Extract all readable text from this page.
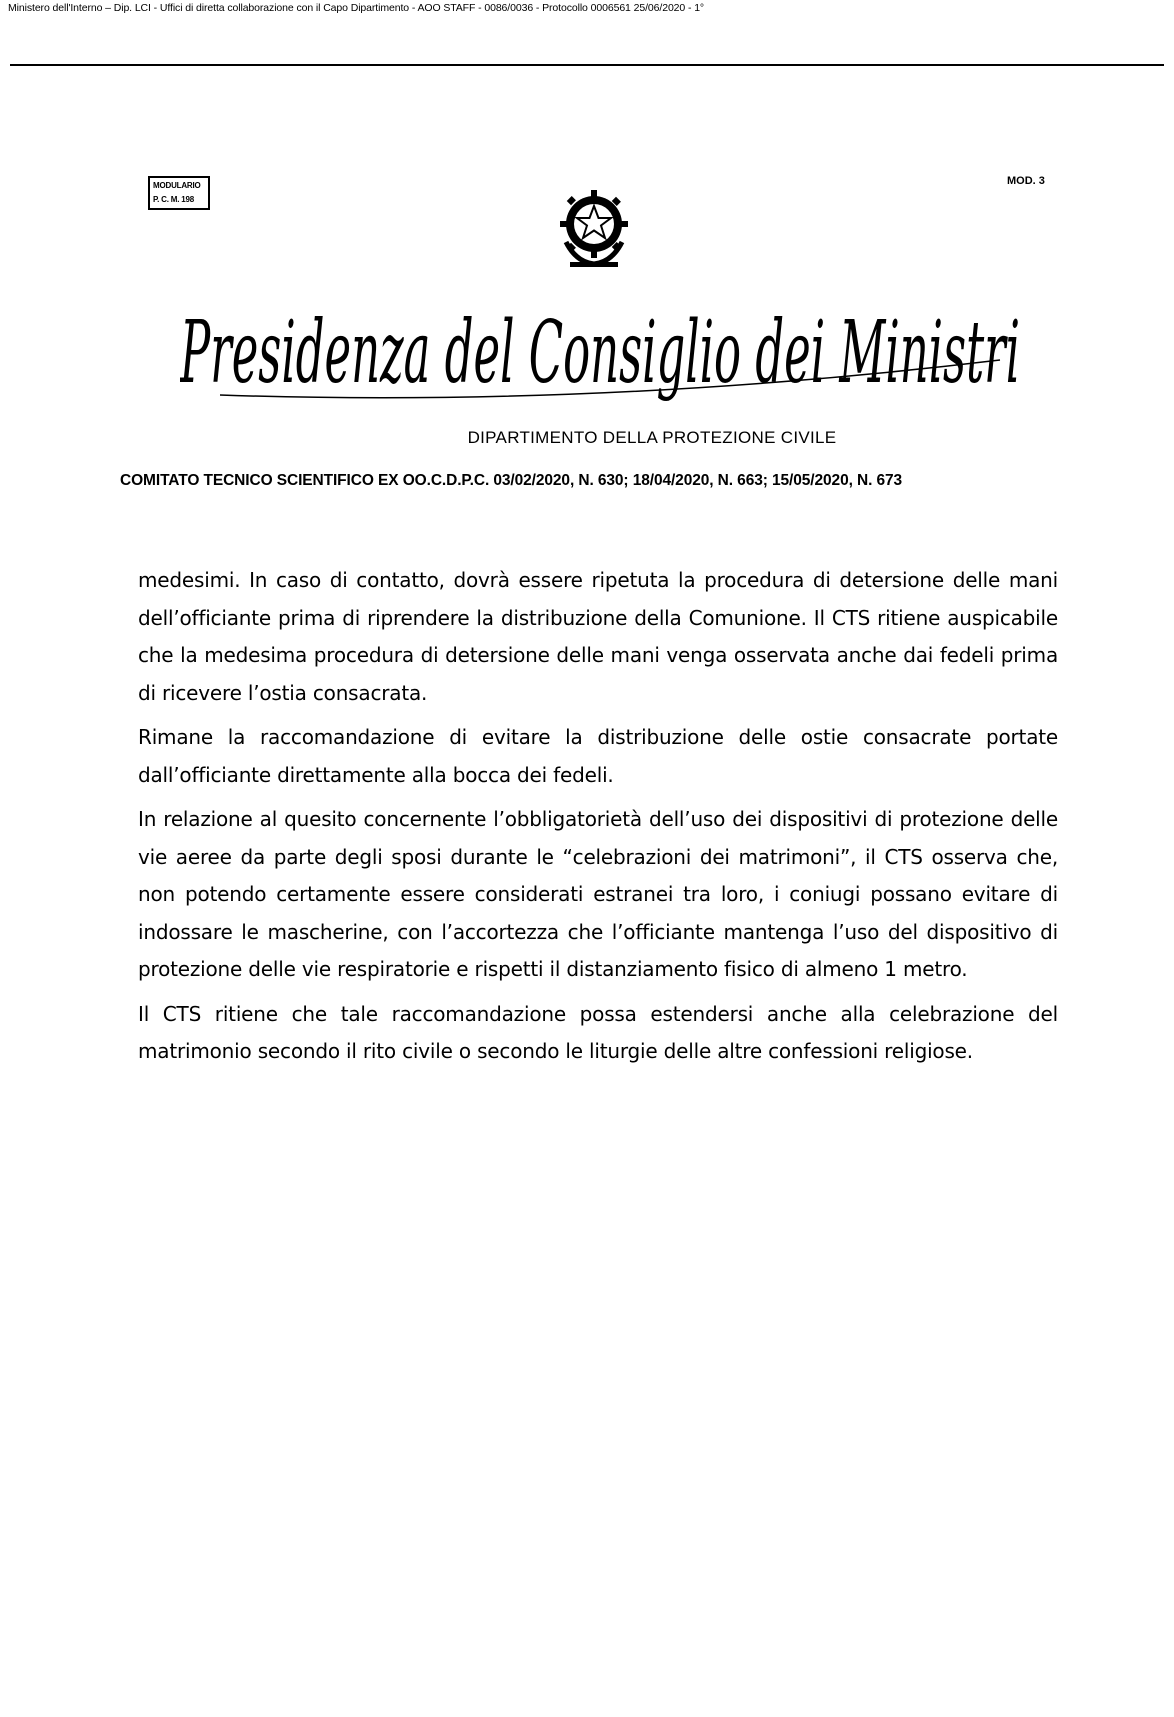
Ministero dell'Interno – Dip. LCI - Uffici di diretta collaborazione con il Capo Dipartimento - AOO STAFF - 0086/0036 - Protocollo 0006561 25/06/2020 - 1°
MODULARIO
P. C. M. 198
MOD. 3
Presidenza del Consiglio dei Ministri
DIPARTIMENTO DELLA PROTEZIONE CIVILE
COMITATO TECNICO SCIENTIFICO EX OO.C.D.P.C. 03/02/2020, N. 630; 18/04/2020, N. 663; 15/05/2020, N. 673

medesimi. In caso di contatto, dovrà essere ripetuta la procedura di detersione delle mani dell’officiante prima di riprendere la distribuzione della Comunione. Il CTS ritiene auspicabile che la medesima procedura di detersione delle mani venga osservata anche dai fedeli prima di ricevere l’ostia consacrata.

Rimane la raccomandazione di evitare la distribuzione delle ostie consacrate portate dall’officiante direttamente alla bocca dei fedeli.

In relazione al quesito concernente l’obbligatorietà dell’uso dei dispositivi di protezione delle vie aeree da parte degli sposi durante le “celebrazioni dei matrimoni”, il CTS osserva che, non potendo certamente essere considerati estranei tra loro, i coniugi possano evitare di indossare le mascherine, con l’accortezza che l’officiante mantenga l’uso del dispositivo di protezione delle vie respiratorie e rispetti il distanziamento fisico di almeno 1 metro.

Il CTS ritiene che tale raccomandazione possa estendersi anche alla celebrazione del matrimonio secondo il rito civile o secondo le liturgie delle altre confessioni religiose.
